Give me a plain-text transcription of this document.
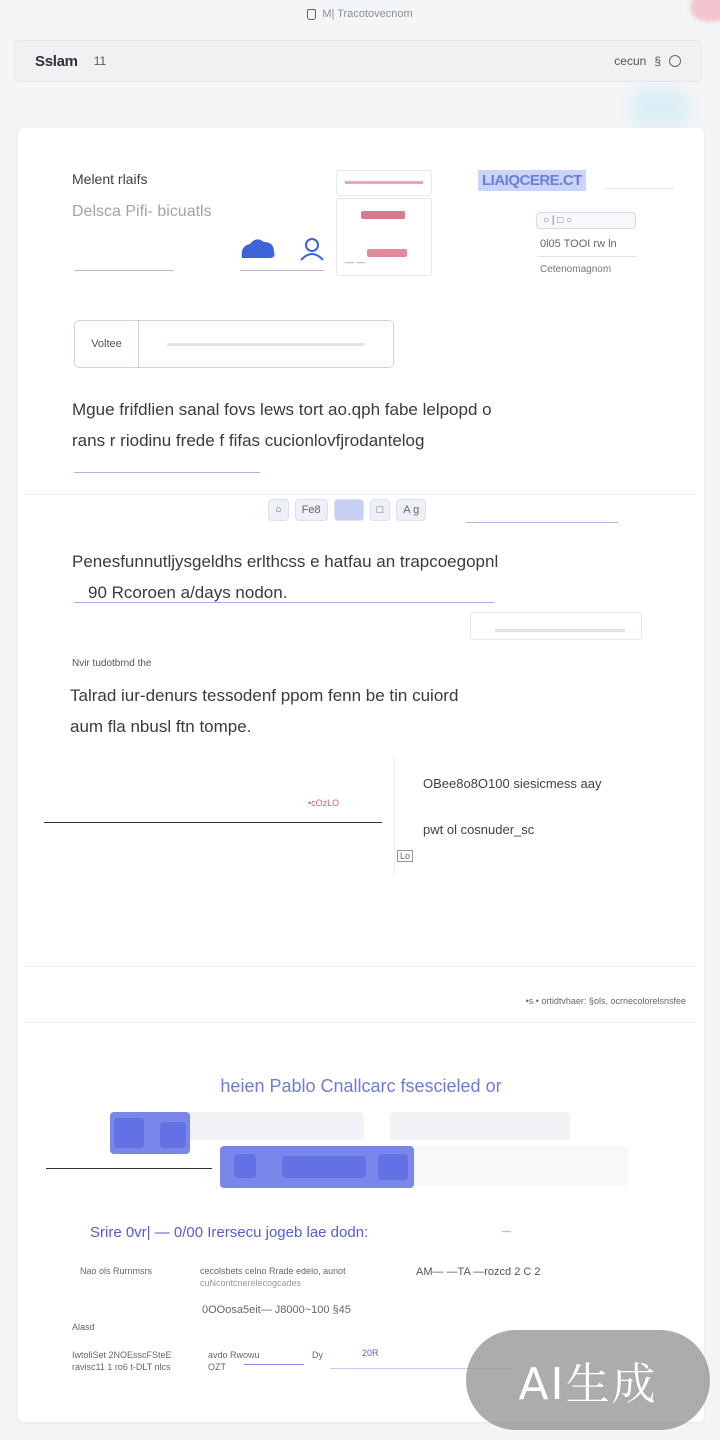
M| Tracotovecnom
Sslam 11	cecun §
Melent rlaifs
Delsca Pifi- bicuatls
— —
LIAIQCERE.CT
○ | □ ○
0l05 TOOI rw ln
Cetenomagnom
Voltee
Mgue frifdlien sanal fovs lews tort ao.qph fabe lelpopd o
rans r riodinu frede f fifas cucionlovfjrodantelog
○	Fe8	□	A g
Penesfunnutljysgeldhs erlthcss e hatfau an trapcoegopnl
90 Rcoroen a/days nodon.
Nvir tudotbrnd the
Talrad iur-denurs tessodenf ppom fenn be tin cuiord
aum fla nbusl ftn tompe.
•cOzLO
OBee8o8O100 siesicmess aay
pwt ol cosnuder_sc
Lo
•s • ortidtvhaer: §ols, ocrnecolorelsnsfee
heien Pablo Cnallcarc fsescieled or
Srire 0vr| — 0/00 Irersecu jogeb lae dodn:	—
Nao ols Rurnmsrs	cecolsbets celno Rrade edelo, aunot
cuNcontcnerelecogcades
AM— —TA —rozcd 2 C 2
0OOosa5eit— J8000~100 §45
Alasd
IwtoliSet 2NOEsscFSteE
ravisc11 1 ro6 t-DLT nlcs
avdo Rwowu
OZT
Dy	20R
AI生成
